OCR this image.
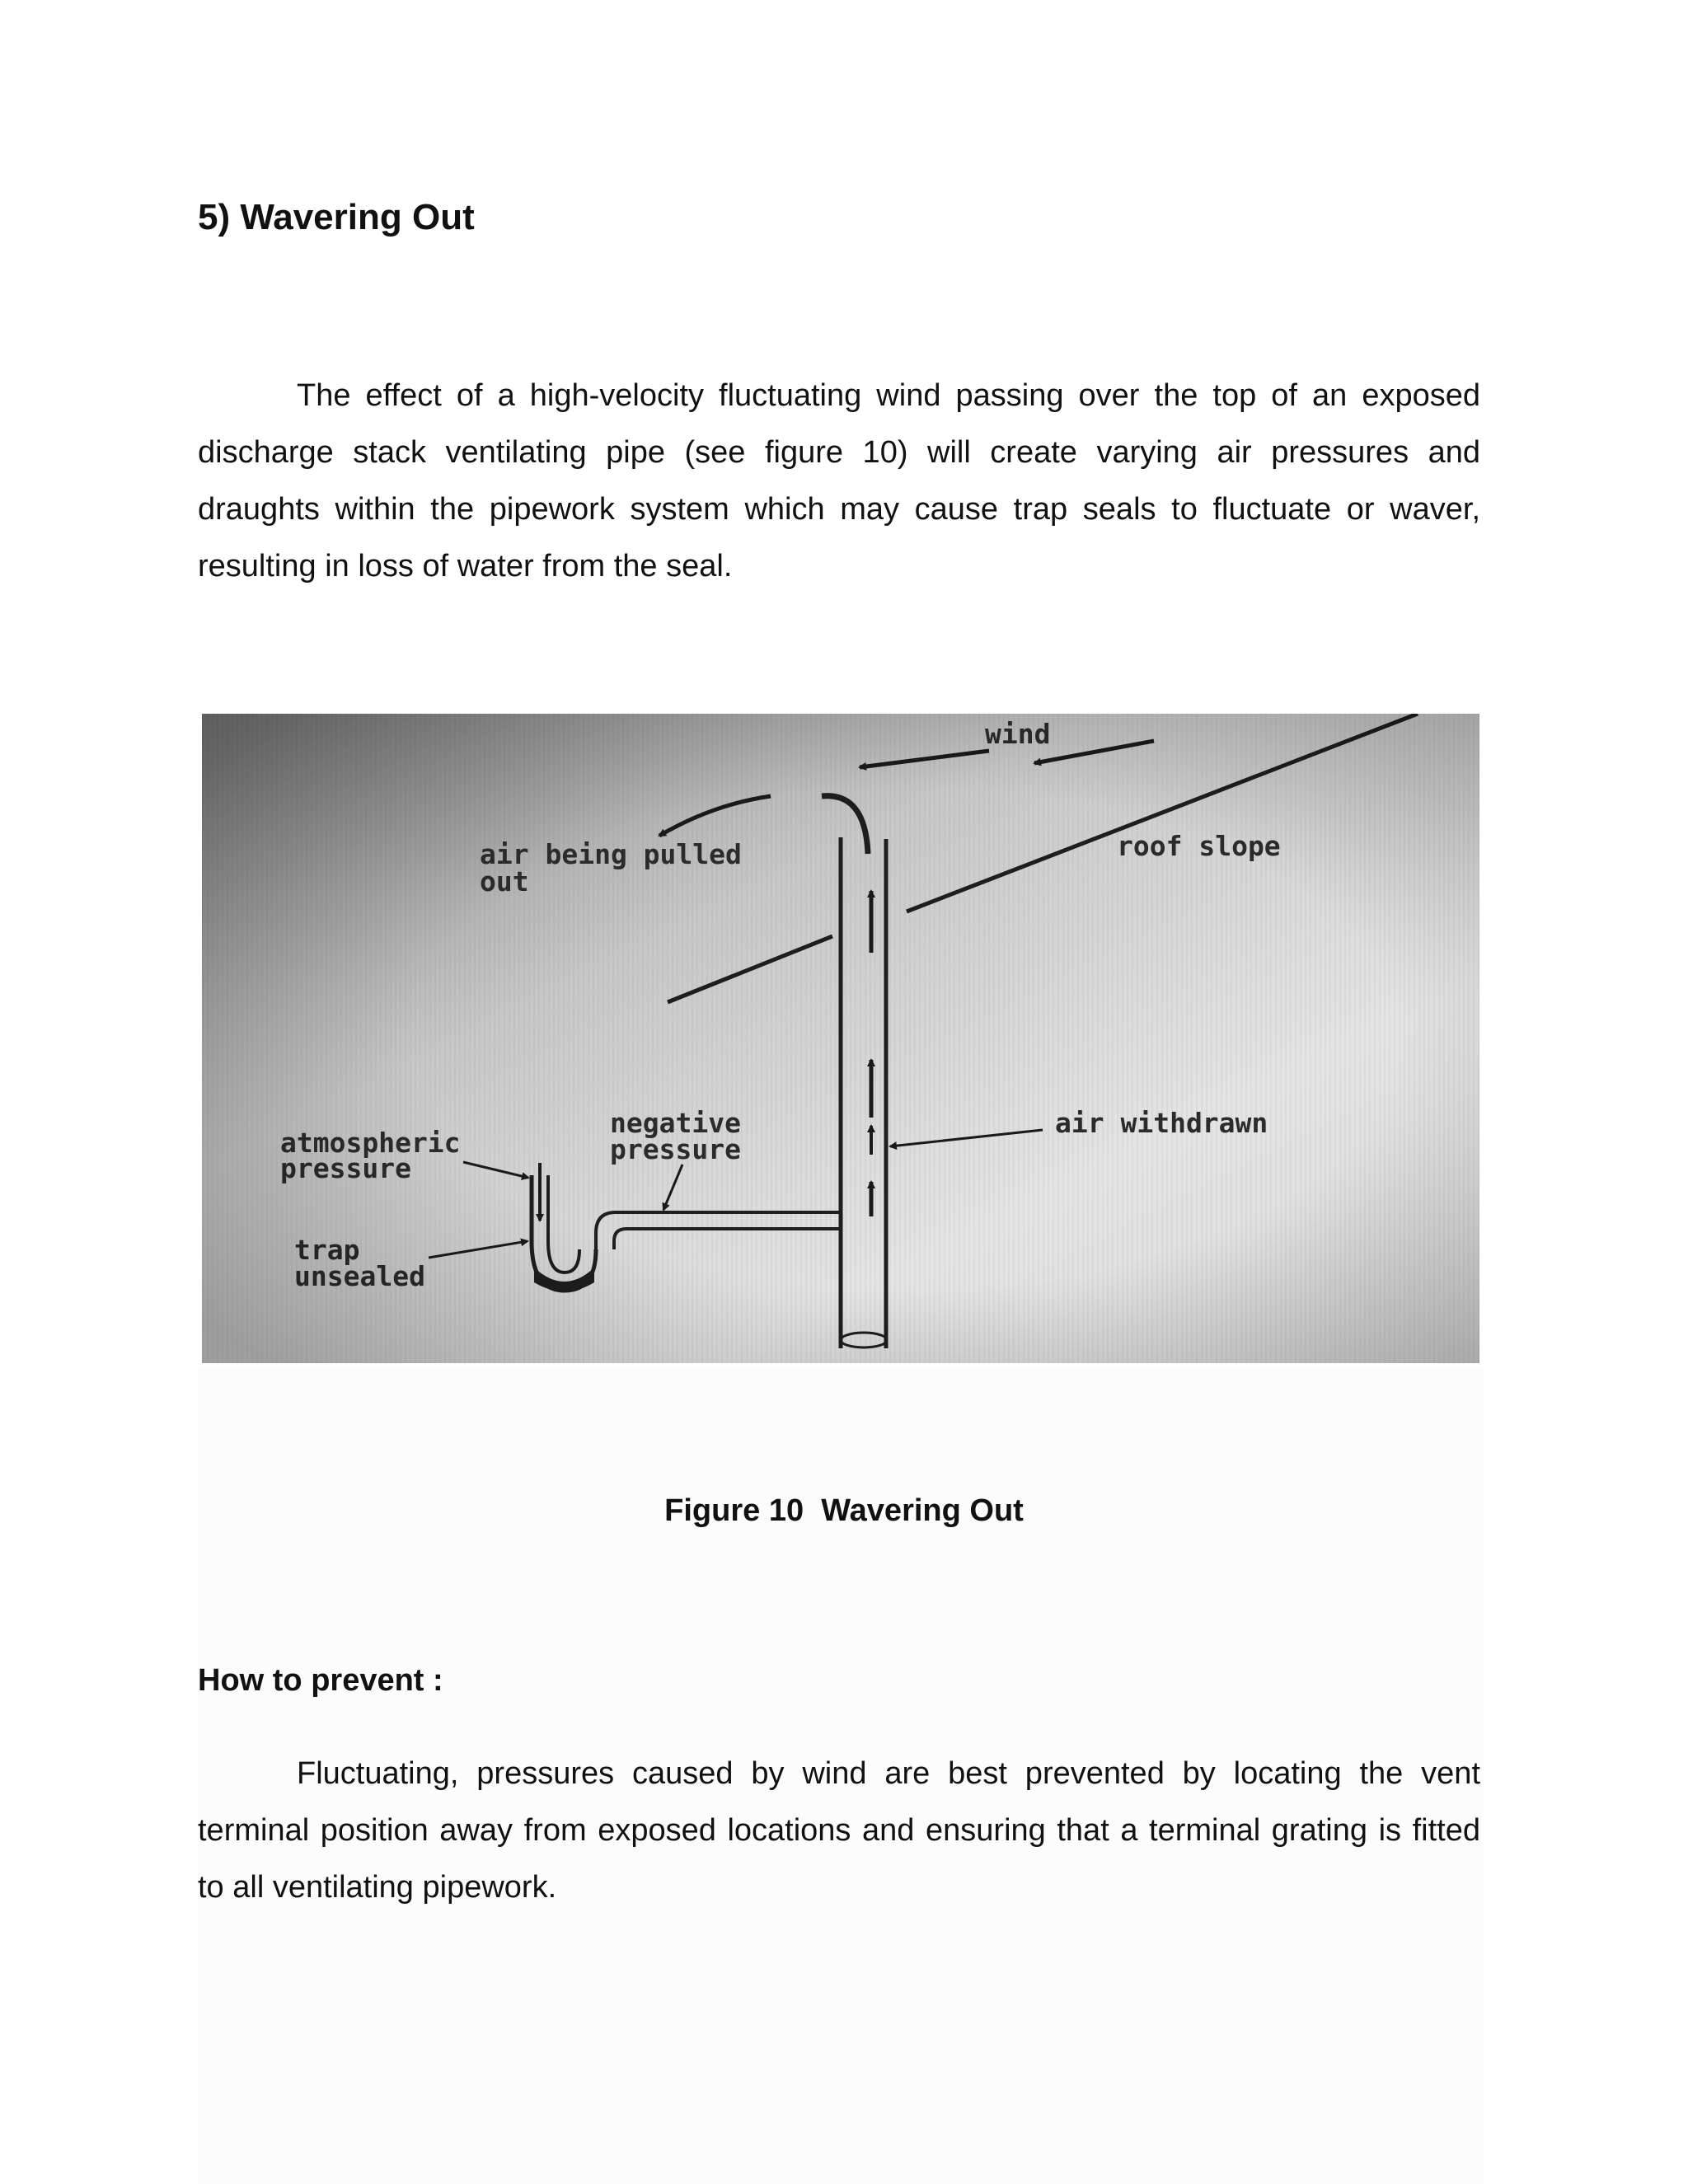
5) Wavering Out

The effect of a high-velocity fluctuating wind passing over the top of an exposed discharge stack ventilating pipe (see figure 10) will create varying air pressures and draughts within the pipework system which may cause trap seals to fluctuate or waver, resulting in loss of water from the seal.

Figure 10  Wavering Out

How to prevent :

Fluctuating, pressures caused by wind are best prevented by locating the vent terminal position away from exposed locations and ensuring that a terminal grating is fitted to all ventilating pipework.
